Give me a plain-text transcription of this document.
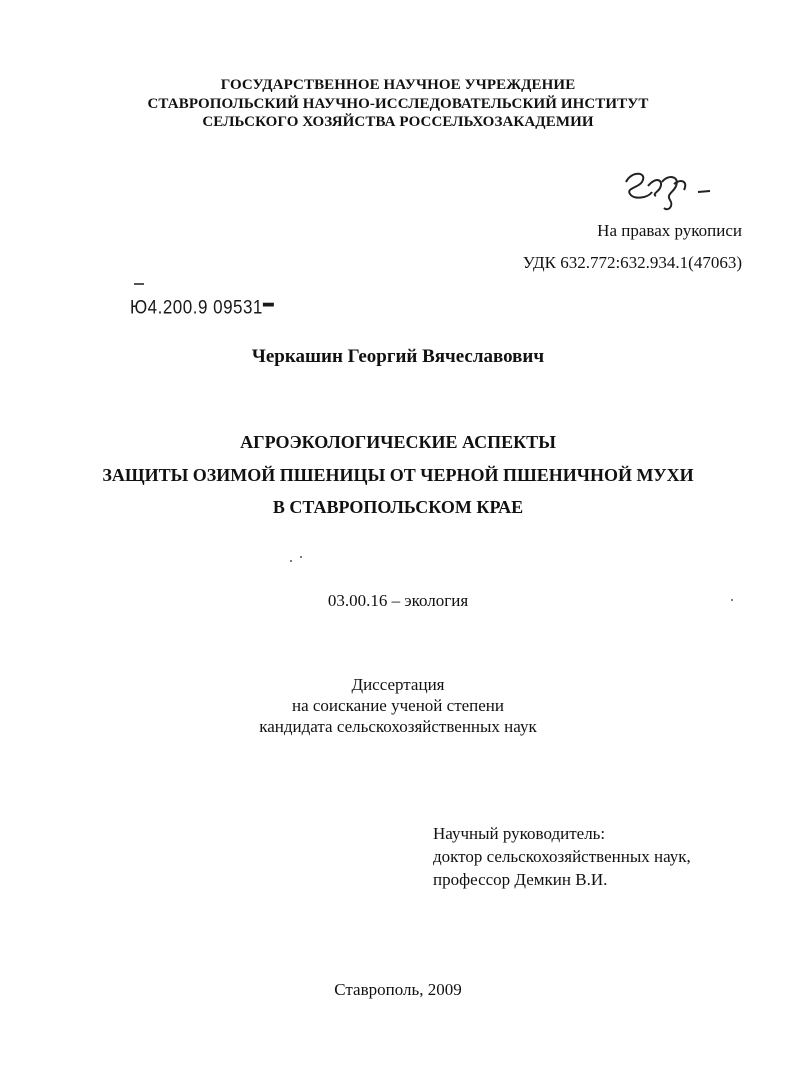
ГОСУДАРСТВЕННОЕ НАУЧНОЕ УЧРЕЖДЕНИЕ
СТАВРОПОЛЬСКИЙ НАУЧНО-ИССЛЕДОВАТЕЛЬСКИЙ ИНСТИТУТ
СЕЛЬСКОГО ХОЗЯЙСТВА РОССЕЛЬХОЗАКАДЕМИИ
На правах рукописи
УДК 632.772:632.934.1(47063)
Ю4.200.9 09531▬
Черкашин Георгий Вячеславович
АГРОЭКОЛОГИЧЕСКИЕ АСПЕКТЫ
ЗАЩИТЫ ОЗИМОЙ ПШЕНИЦЫ ОТ ЧЕРНОЙ ПШЕНИЧНОЙ МУХИ
В СТАВРОПОЛЬСКОМ КРАЕ
03.00.16 – экология
Диссертация
на соискание ученой степени
кандидата сельскохозяйственных наук
Научный руководитель:
доктор сельскохозяйственных наук,
профессор Демкин В.И.
Ставрополь, 2009
